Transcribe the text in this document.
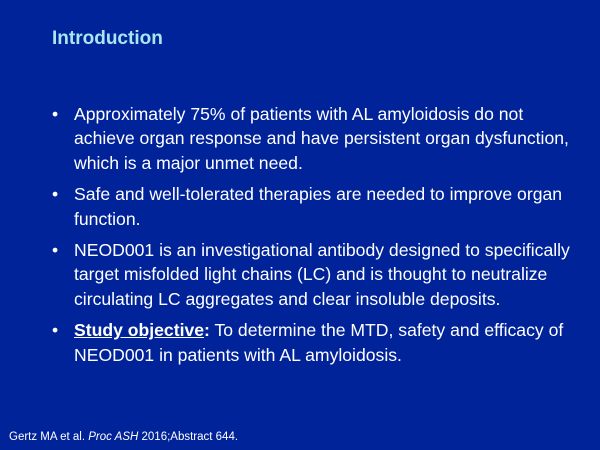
Introduction
• Approximately 75% of patients with AL amyloidosis do not achieve organ response and have persistent organ dysfunction, which is a major unmet need.
• Safe and well-tolerated therapies are needed to improve organ function.
• NEOD001 is an investigational antibody designed to specifically target misfolded light chains (LC) and is thought to neutralize circulating LC aggregates and clear insoluble deposits.
• Study objective: To determine the MTD, safety and efficacy of NEOD001 in patients with AL amyloidosis.

Gertz MA et al. Proc ASH 2016;Abstract 644.
